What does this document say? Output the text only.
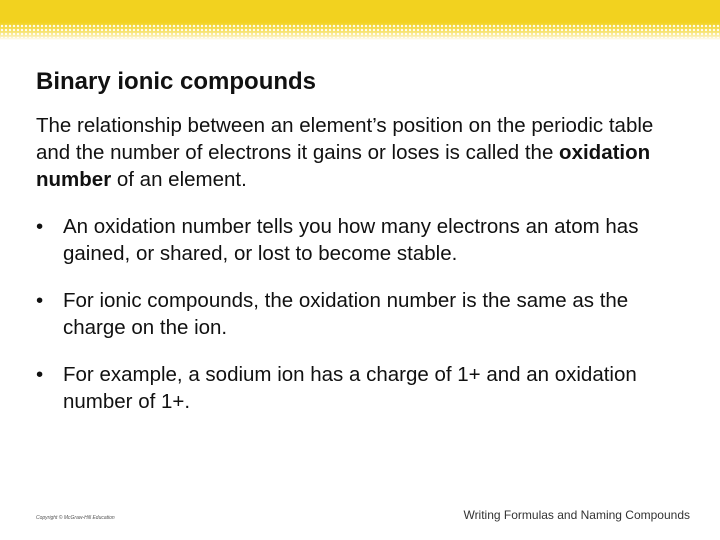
Binary ionic compounds

The relationship between an element’s position on the periodic table and the number of electrons it gains or loses is called the oxidation number of an element.

• An oxidation number tells you how many electrons an atom has gained, or shared, or lost to become stable.
• For ionic compounds, the oxidation number is the same as the charge on the ion.
• For example, a sodium ion has a charge of 1+ and an oxidation number of 1+.
Copyright © McGraw-Hill Education	Writing Formulas and Naming Compounds
